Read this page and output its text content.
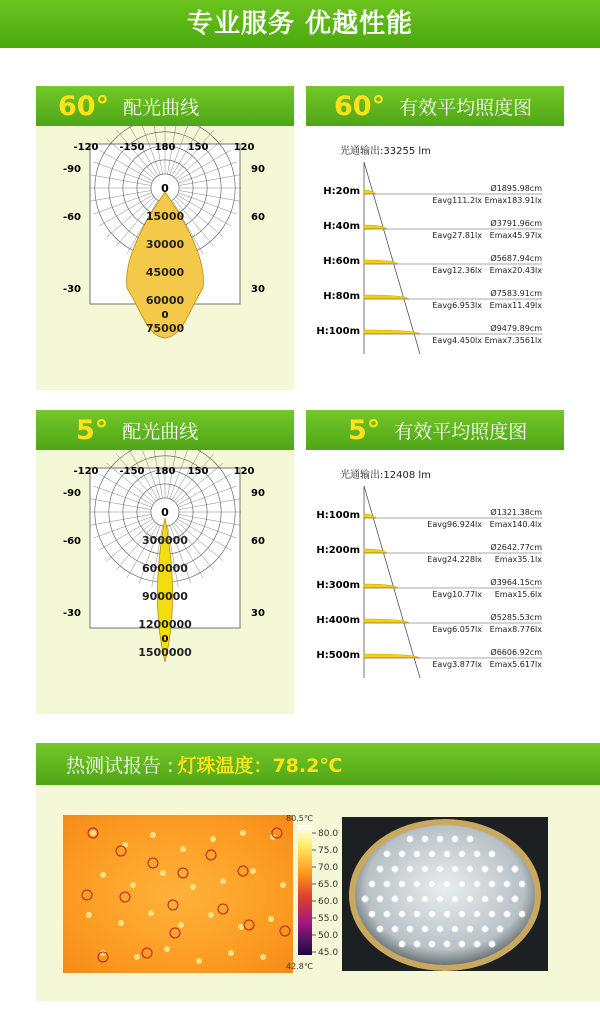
专业服务 优越性能
60° 配光曲线
0
15000
30000
45000
60000
75000
-120 -150 180 150	120
-90
-60
-30
90
60
30
0
60° 有效平均照度图
光通输出:33255 lm
H:20m	Ø1895.98cm
Emax183.91lx
Eavg111.2lx
H:40m	Ø3791.96cm
Emax45.97lx
Eavg27.81lx
H:60m	Ø5687.94cm
Emax20.43lx
Eavg12.36lx
H:80m	Ø7583.91cm
Emax11.49lx
Eavg6.953lx
H:100m	Ø9479.89cm
Emax7.3561lx
Eavg4.450lx
5° 配光曲线
0
300000
600000
900000
1200000
1500000
-120 -150 180 150	120
-90
-60
-30
90
60
30
0
5° 有效平均照度图
光通输出:12408 lm
H:100m	Ø1321.38cm
Emax140.4lx
Eavg96.924lx
H:200m	Ø2642.77cm
Emax35.1lx
Eavg24.228lx
H:300m	Ø3964.15cm
Emax15.6lx
Eavg10.77lx
H:400m	Ø5285.53cm
Emax8.776lx
Eavg6.057lx
H:500m	Ø6606.92cm
Emax5.617lx
Eavg3.877lx
热测试报告 : 灯珠温度：78.2℃
80.5℃
42.8℃
80.0
75.0
70.0
65.0
60.0
55.0
50.0
45.0
